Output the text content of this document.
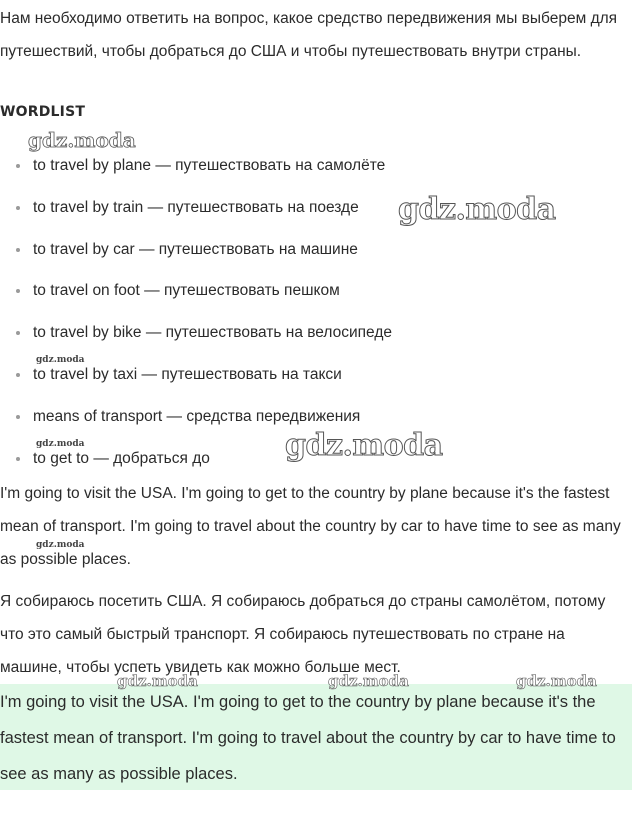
Нам необходимо ответить на вопрос, какое средство передвижения мы выберем для путешествий, чтобы добраться до США и чтобы путешествовать внутри страны.

WORDLIST
to travel by plane — путешествовать на самолёте
to travel by train — путешествовать на поезде
to travel by car — путешествовать на машине
to travel on foot — путешествовать пешком
to travel by bike — путешествовать на велосипеде
to travel by taxi — путешествовать на такси
means of transport — средства передвижения
to get to — добраться до

I'm going to visit the USA. I'm going to get to the country by plane because it's the fastest mean of transport. I'm going to travel about the country by car to have time to see as many as possible places.

Я собираюсь посетить США. Я собираюсь добраться до страны самолётом, потому что это самый быстрый транспорт. Я собираюсь путешествовать по стране на машине, чтобы успеть увидеть как можно больше мест.

I'm going to visit the USA. I'm going to get to the country by plane because it's the fastest mean of transport. I'm going to travel about the country by car to have time to see as many as possible places.

gdz.moda
gdz.moda
gdz.moda
gdz.moda	gdz.moda
gdz.moda
gdz.moda	gdz.moda	gdz.moda
